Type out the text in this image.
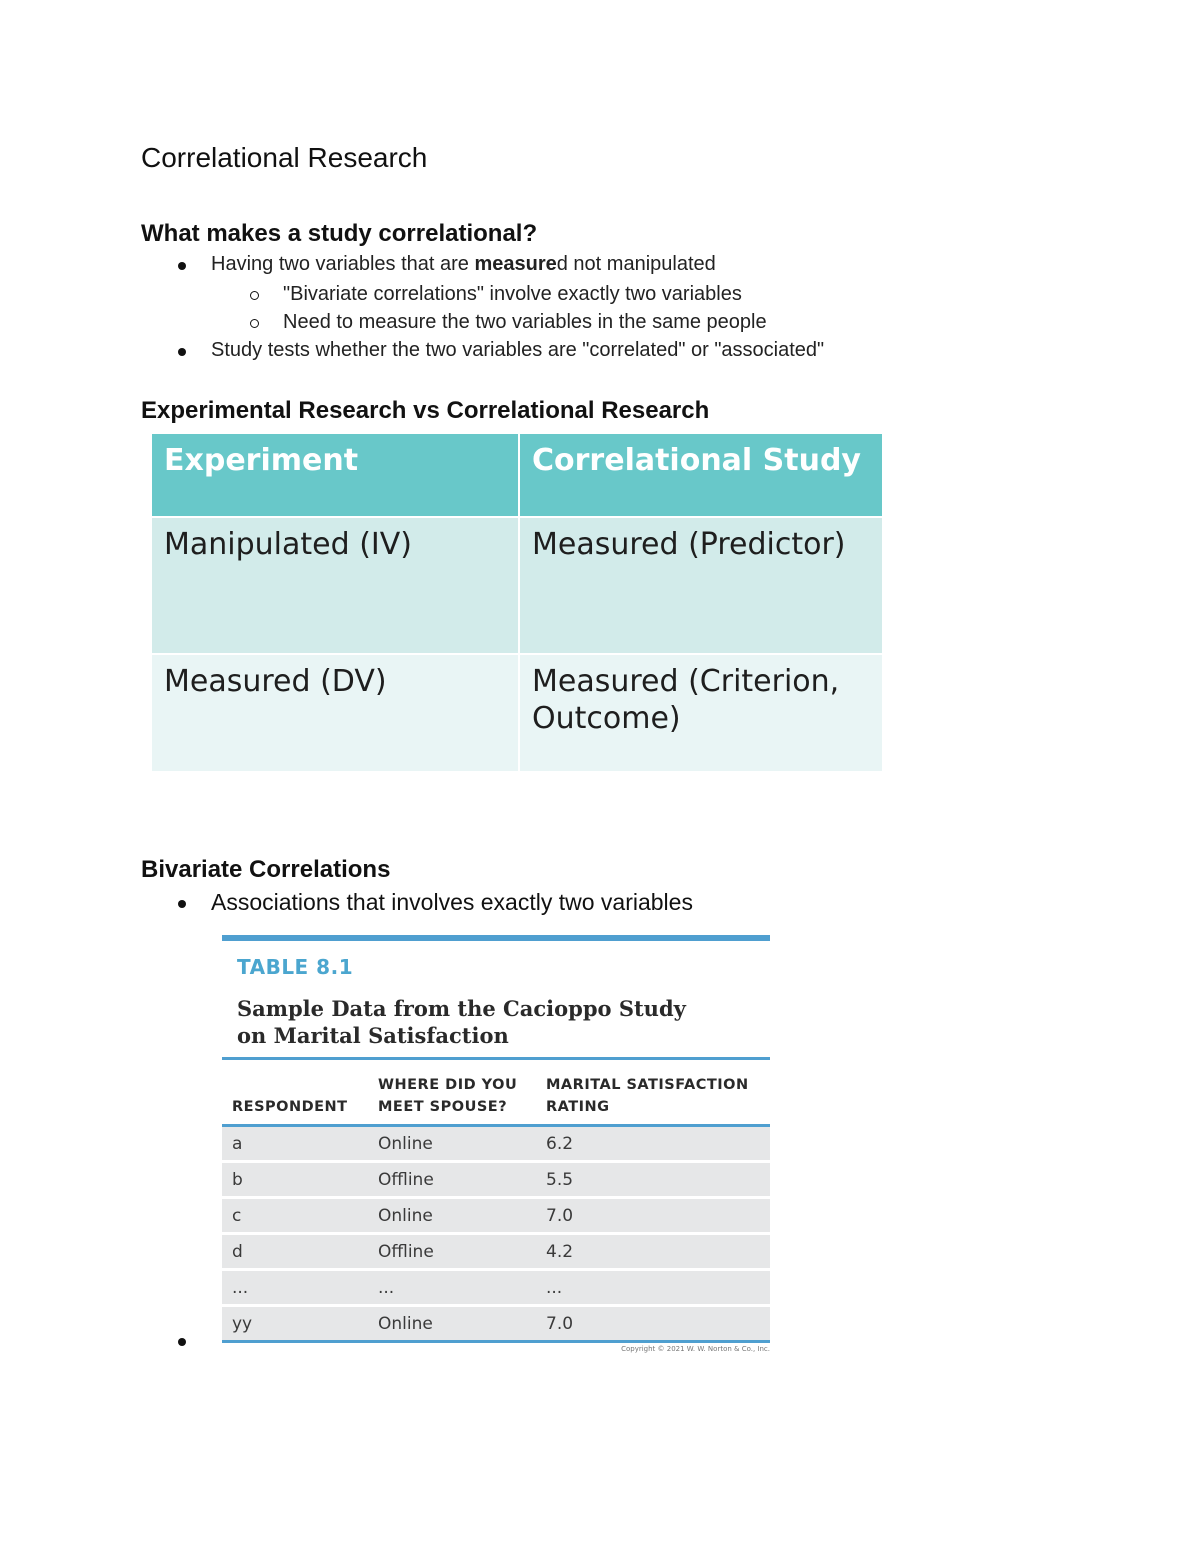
Correlational Research
What makes a study correlational?
Having two variables that are measured not manipulated
"Bivariate correlations" involve exactly two variables
Need to measure the two variables in the same people
Study tests whether the two variables are "correlated" or "associated"
Experimental Research vs Correlational Research
Experiment	Correlational Study
Manipulated (IV)	Measured (Predictor)
Measured (DV)	Measured (Criterion, Outcome)
Bivariate Correlations
Associations that involves exactly two variables
TABLE 8.1
Sample Data from the Cacioppo Study
on Marital Satisfaction
RESPONDENT	WHERE DID YOU MEET SPOUSE?	MARITAL SATISFACTION RATING
a	Online	6.2
b	Offline	5.5
c	Online	7.0
d	Offline	4.2
...	...	...
yy	Online	7.0
Copyright © 2021 W. W. Norton & Co., Inc.
